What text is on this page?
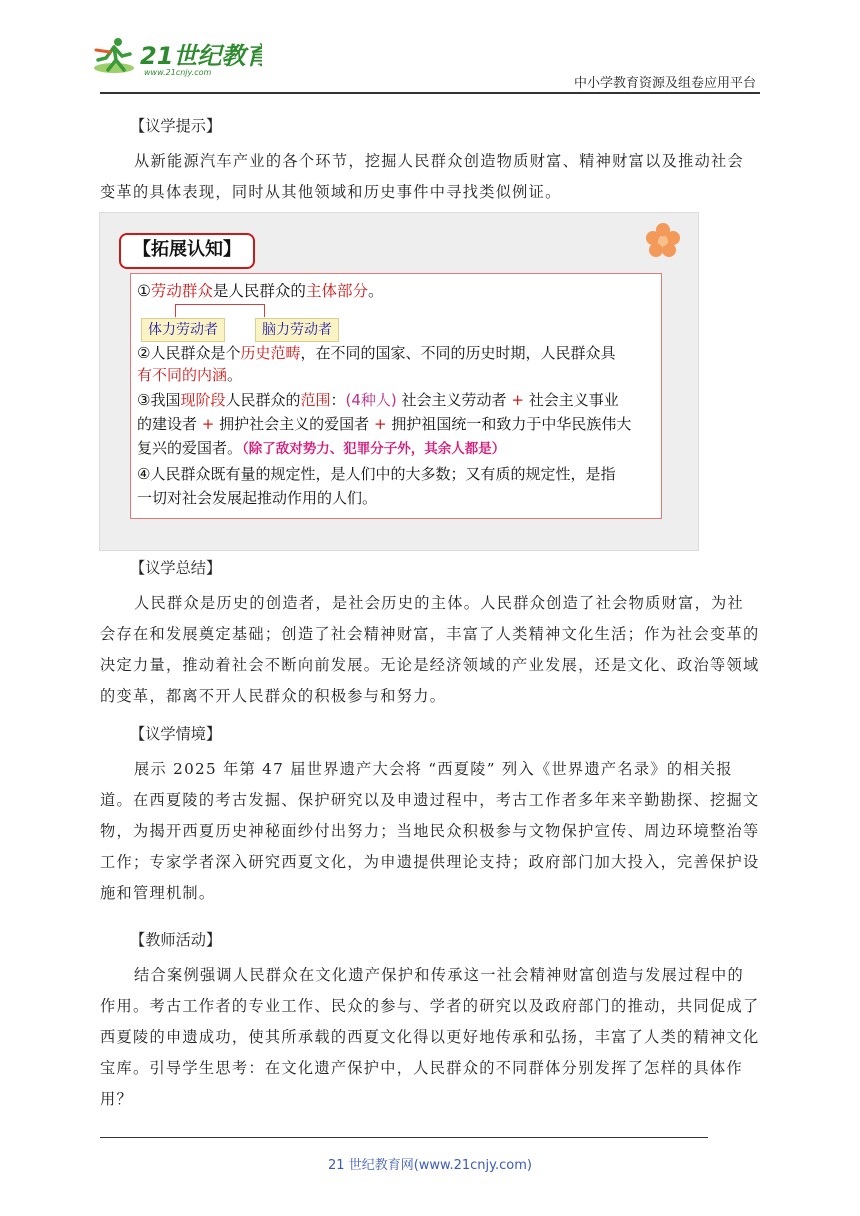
21世纪教育
www.21cnjy.com
中小学教育资源及组卷应用平台
【议学提示】
从新能源汽车产业的各个环节，挖掘人民群众创造物质财富、精神财富以及推动社会变革的具体表现，同时从其他领域和历史事件中寻找类似例证。
【拓展认知】
①劳动群众是人民群众的主体部分。
体力劳动者	脑力劳动者
②人民群众是个历史范畴，在不同的国家、不同的历史时期，人民群众具
有不同的内涵。
③我国现阶段人民群众的范围：(4种人) 社会主义劳动者 + 社会主义事业
的建设者 + 拥护社会主义的爱国者 + 拥护祖国统一和致力于中华民族伟大
复兴的爱国者。（除了敌对势力、犯罪分子外，其余人都是）
④人民群众既有量的规定性，是人们中的大多数；又有质的规定性，是指
一切对社会发展起推动作用的人们。
【议学总结】
人民群众是历史的创造者，是社会历史的主体。人民群众创造了社会物质财富，为社会存在和发展奠定基础；创造了社会精神财富，丰富了人类精神文化生活；作为社会变革的决定力量，推动着社会不断向前发展。无论是经济领域的产业发展，还是文化、政治等领域的变革，都离不开人民群众的积极参与和努力。
【议学情境】
展示 2025 年第 47 届世界遗产大会将 “西夏陵” 列入《世界遗产名录》的相关报道。在西夏陵的考古发掘、保护研究以及申遗过程中，考古工作者多年来辛勤勘探、挖掘文物，为揭开西夏历史神秘面纱付出努力；当地民众积极参与文物保护宣传、周边环境整治等工作；专家学者深入研究西夏文化，为申遗提供理论支持；政府部门加大投入，完善保护设施和管理机制。
【教师活动】
结合案例强调人民群众在文化遗产保护和传承这一社会精神财富创造与发展过程中的作用。考古工作者的专业工作、民众的参与、学者的研究以及政府部门的推动，共同促成了西夏陵的申遗成功，使其所承载的西夏文化得以更好地传承和弘扬，丰富了人类的精神文化宝库。引导学生思考：在文化遗产保护中，人民群众的不同群体分别发挥了怎样的具体作用？
21 世纪教育网(www.21cnjy.com)
